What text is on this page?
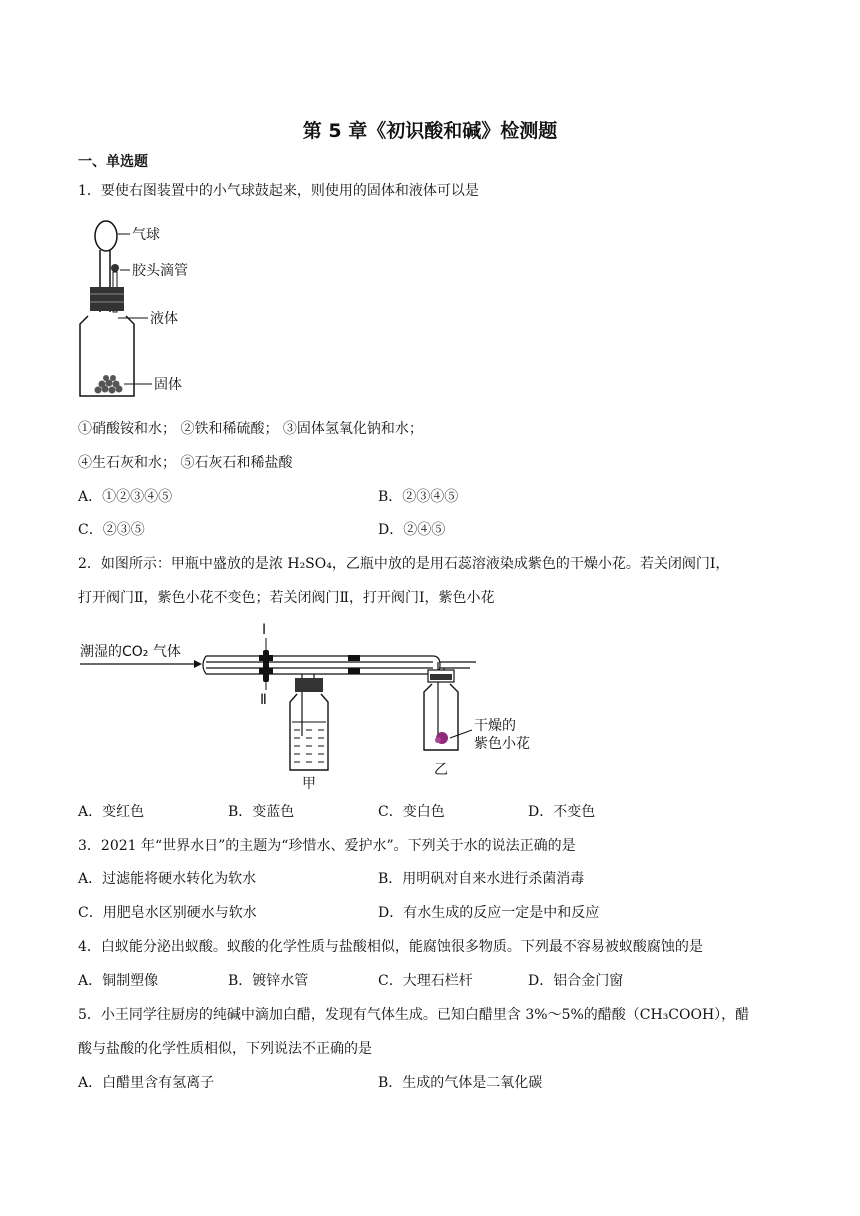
第 5 章《初识酸和碱》检测题
一、单选题
1．要使右图装置中的小气球鼓起来，则使用的固体和液体可以是
气球
胶头滴管
液体
固体
①硝酸铵和水； ②铁和稀硫酸； ③固体氢氧化钠和水；
④生石灰和水； ⑤石灰石和稀盐酸
A．①②③④⑤	B．②③④⑤
C．②③⑤	D．②④⑤
2．如图所示：甲瓶中盛放的是浓 H₂SO₄，乙瓶中放的是用石蕊溶液染成紫色的干燥小花。若关闭阀门Ⅰ，
打开阀门Ⅱ，紫色小花不变色；若关闭阀门Ⅱ，打开阀门Ⅰ，紫色小花
潮湿的CO₂ 气体
Ⅰ
Ⅱ
甲
干燥的
紫色小花
乙
A．变红色	B．变蓝色	C．变白色	D．不变色
3．2021 年“世界水日”的主题为“珍惜水、爱护水”。下列关于水的说法正确的是
A．过滤能将硬水转化为软水	B．用明矾对自来水进行杀菌消毒
C．用肥皂水区别硬水与软水	D．有水生成的反应一定是中和反应
4．白蚁能分泌出蚁酸。蚁酸的化学性质与盐酸相似，能腐蚀很多物质。下列最不容易被蚁酸腐蚀的是
A．铜制塑像	B．镀锌水管	C．大理石栏杆	D．铝合金门窗
5．小王同学往厨房的纯碱中滴加白醋，发现有气体生成。已知白醋里含 3%～5%的醋酸（CH₃COOH），醋
酸与盐酸的化学性质相似，下列说法不正确的是
A．白醋里含有氢离子	B．生成的气体是二氧化碳
